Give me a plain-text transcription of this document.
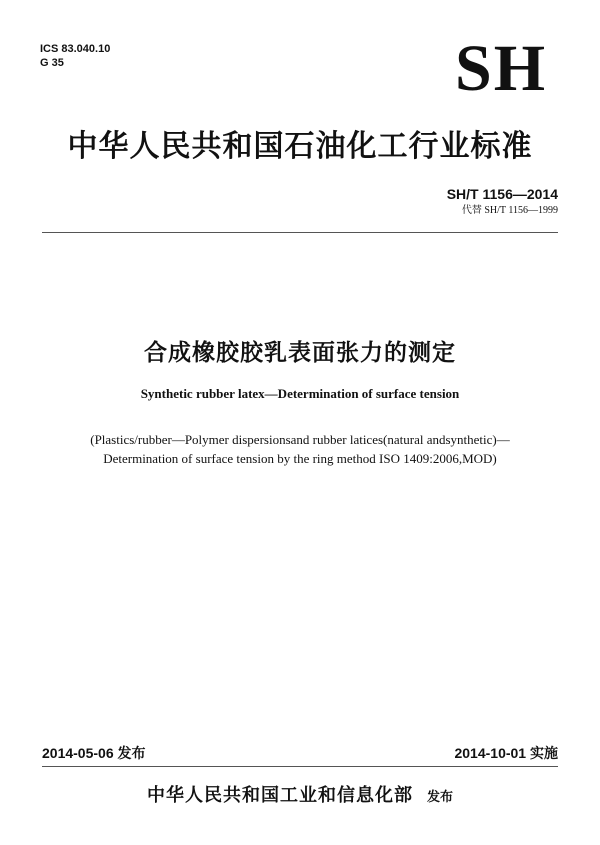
ICS 83.040.10
G 35	SH
中华人民共和国石油化工行业标准
SH/T 1156—2014
代替 SH/T 1156—1999
合成橡胶胶乳表面张力的测定
Synthetic rubber latex—Determination of surface tension
(Plastics/rubber—Polymer dispersionsand rubber latices(natural andsynthetic)—
Determination of surface tension by the ring method ISO 1409:2006,MOD)
2014-05-06 发布	2014-10-01 实施
中华人民共和国工业和信息化部 发布
